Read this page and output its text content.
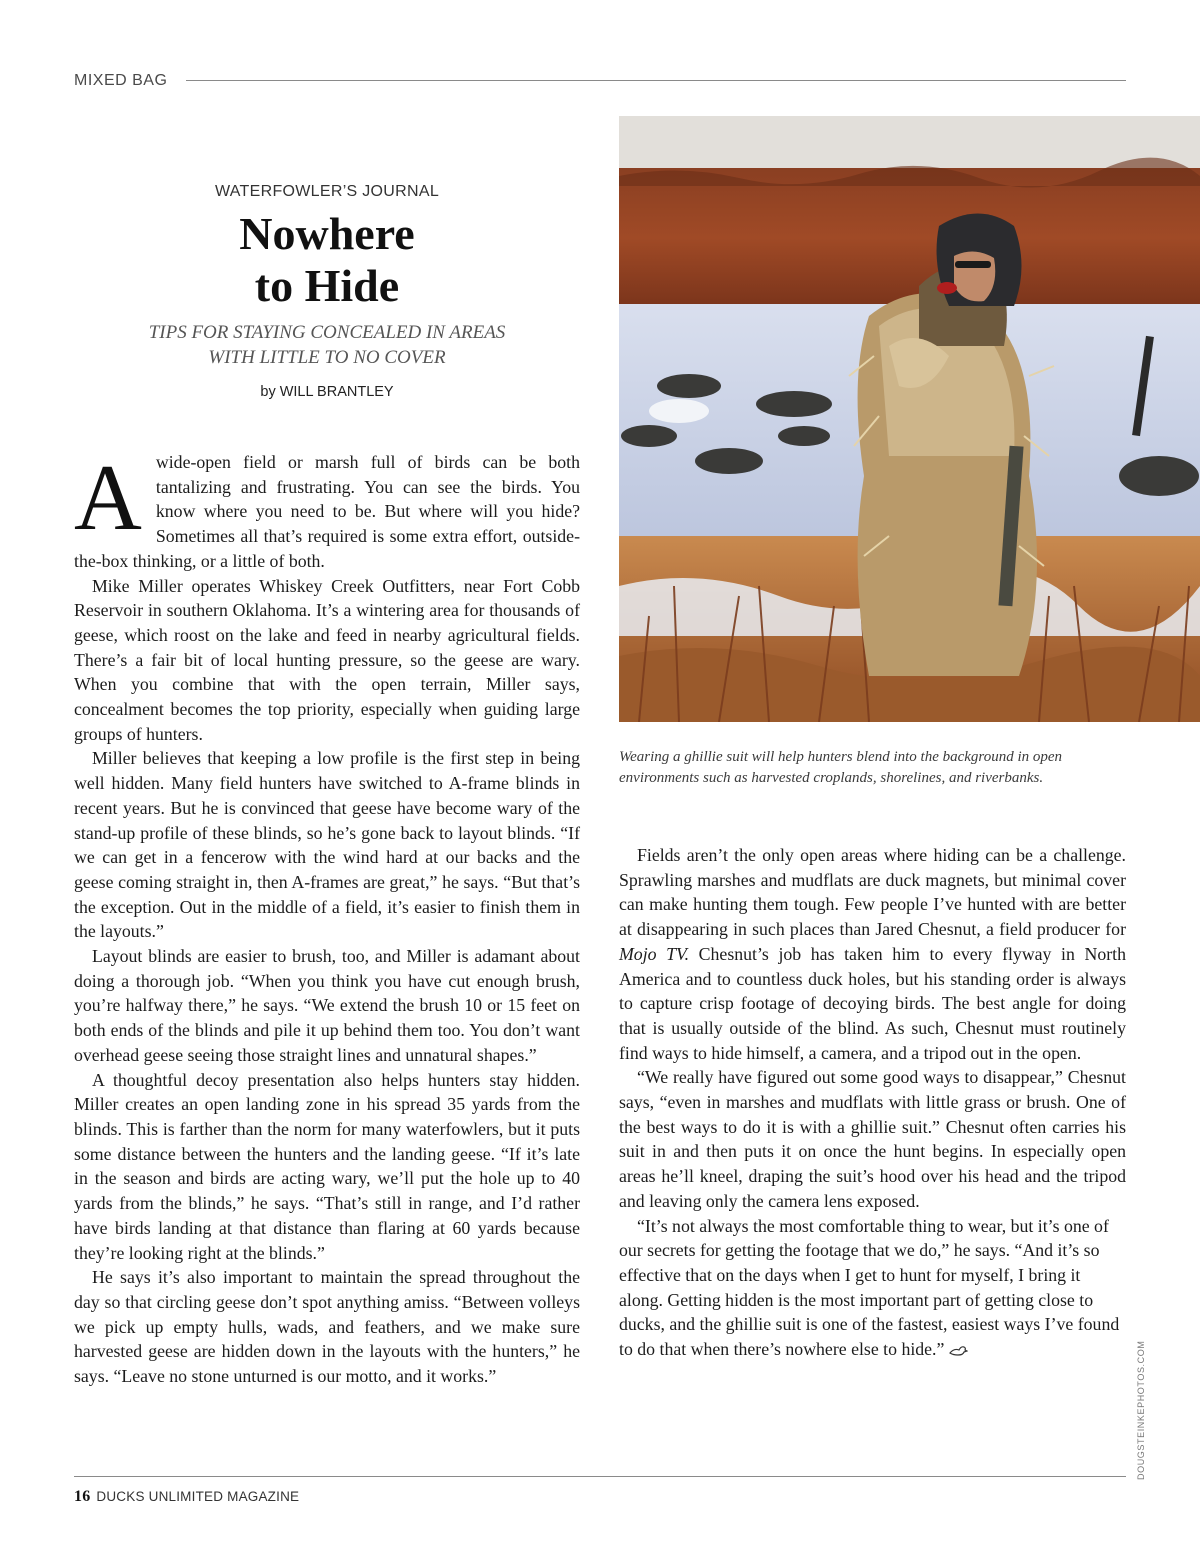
MIXED BAG
WATERFOWLER’S JOURNAL
Nowhere
to Hide
TIPS FOR STAYING CONCEALED IN AREAS
WITH LITTLE TO NO COVER
by WILL BRANTLEY

Awide-open field or marsh full of birds can be both tantalizing and frustrating. You can see the birds. You know where you need to be. But where will you hide? Sometimes all that’s required is some extra effort, outside-the-box thinking, or a little of both.

Mike Miller operates Whiskey Creek Outfitters, near Fort Cobb Reservoir in southern Oklahoma. It’s a wintering area for thousands of geese, which roost on the lake and feed in nearby agricultural fields. There’s a fair bit of local hunting pressure, so the geese are wary. When you combine that with the open terrain, Miller says, concealment becomes the top priority, especially when guiding large groups of hunters.

Miller believes that keeping a low profile is the first step in being well hidden. Many field hunters have switched to A-frame blinds in recent years. But he is convinced that geese have become wary of the stand-up profile of these blinds, so he’s gone back to layout blinds. “If we can get in a fencerow with the wind hard at our backs and the geese coming straight in, then A-frames are great,” he says. “But that’s the exception. Out in the middle of a field, it’s easier to finish them in the layouts.”

Layout blinds are easier to brush, too, and Miller is adamant about doing a thorough job. “When you think you have cut enough brush, you’re halfway there,” he says. “We extend the brush 10 or 15 feet on both ends of the blinds and pile it up behind them too. You don’t want overhead geese seeing those straight lines and unnatural shapes.”

A thoughtful decoy presentation also helps hunters stay hidden. Miller creates an open landing zone in his spread 35 yards from the blinds. This is farther than the norm for many waterfowlers, but it puts some distance between the hunters and the landing geese. “If it’s late in the season and birds are acting wary, we’ll put the hole up to 40 yards from the blinds,” he says. “That’s still in range, and I’d rather have birds landing at that distance than flaring at 60 yards because they’re looking right at the blinds.”

He says it’s also important to maintain the spread throughout the day so that circling geese don’t spot anything amiss. “Between volleys we pick up empty hulls, wads, and feathers, and we make sure harvested geese are hidden down in the layouts with the hunters,” he says. “Leave no stone unturned is our motto, and it works.”

Wearing a ghillie suit will help hunters blend into the background in open environments such as harvested croplands, shorelines, and riverbanks.

Fields aren’t the only open areas where hiding can be a challenge. Sprawling marshes and mudflats are duck magnets, but minimal cover can make hunting them tough. Few people I’ve hunted with are better at disappearing in such places than Jared Chesnut, a field producer for Mojo TV. Chesnut’s job has taken him to every flyway in North America and to countless duck holes, but his standing order is always to capture crisp footage of decoying birds. The best angle for doing that is usually outside of the blind. As such, Chesnut must routinely find ways to hide himself, a camera, and a tripod out in the open.

“We really have figured out some good ways to disappear,” Chesnut says, “even in marshes and mudflats with little grass or brush. One of the best ways to do it is with a ghillie suit.” Chesnut often carries his suit in and then puts it on once the hunt begins. In especially open areas he’ll kneel, draping the suit’s hood over his head and the tripod and leaving only the camera lens exposed.

“It’s not always the most comfortable thing to wear, but it’s one of our secrets for getting the footage that we do,” he says. “And it’s so effective that on the days when I get to hunt for myself, I bring it along. Getting hidden is the most important part of getting close to ducks, and the ghillie suit is one of the fastest, easiest ways I’ve found to do that when there’s nowhere else to hide.”	DOUGSTEINKEPHOTOS.COM
16 DUCKS UNLIMITED MAGAZINE
